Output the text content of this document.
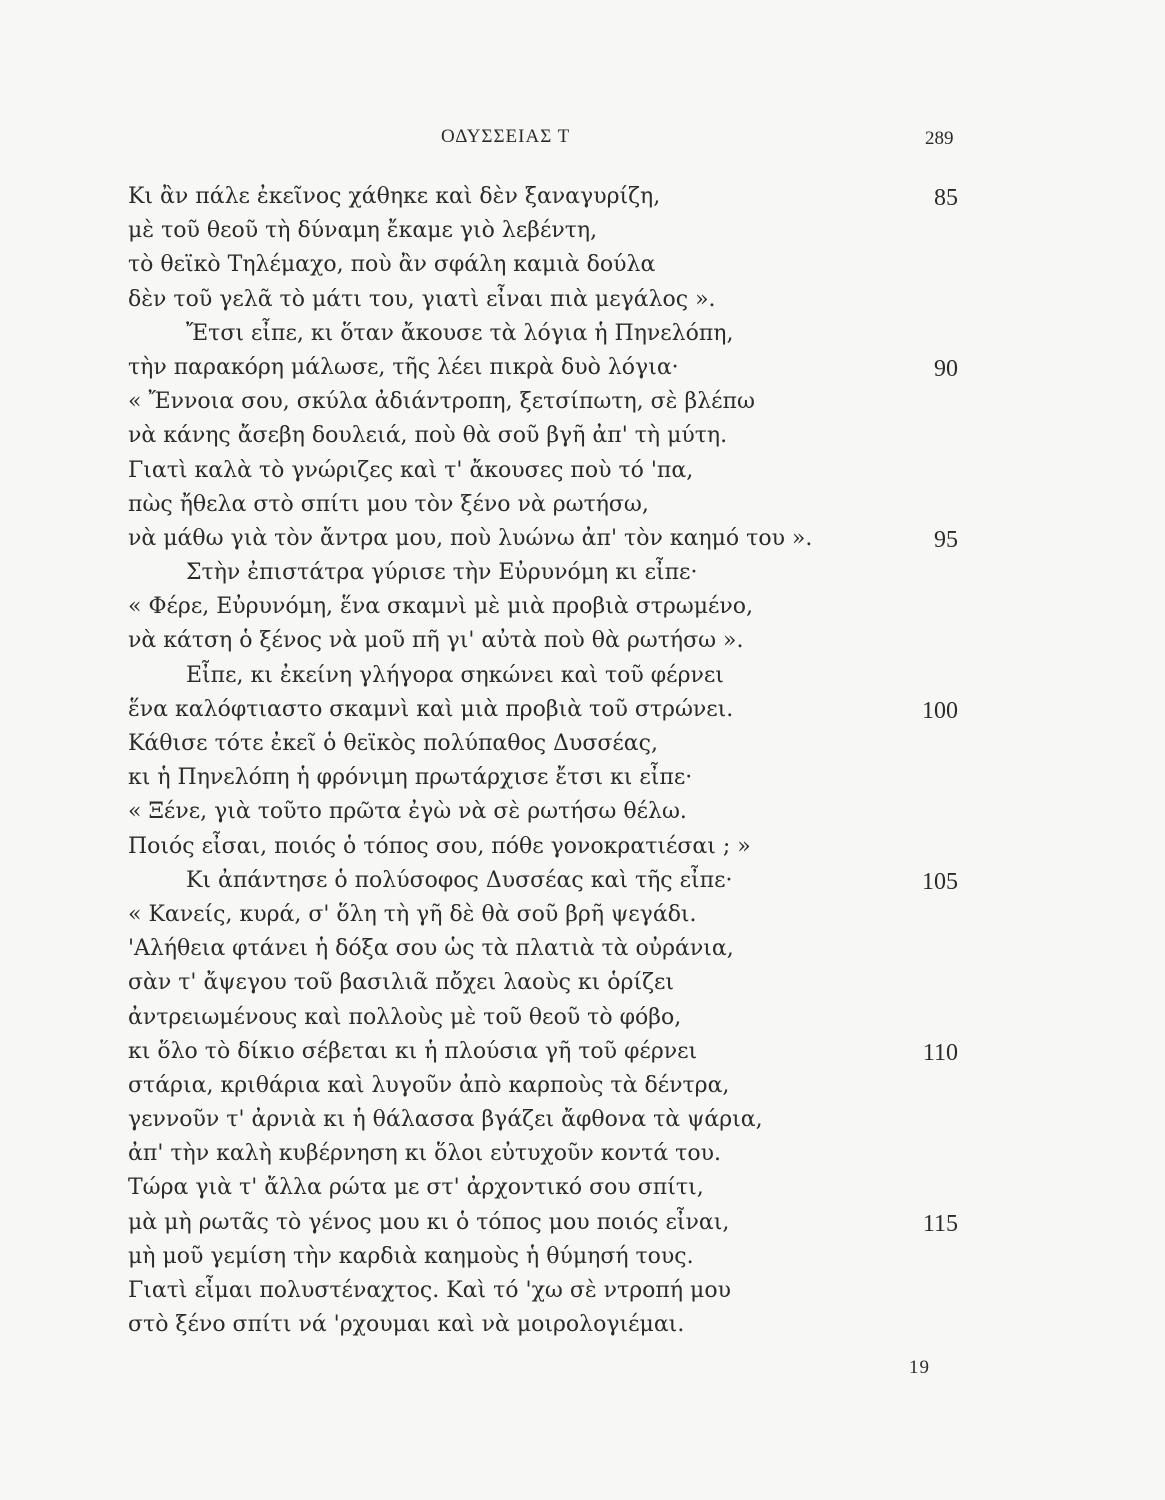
ΟΔΥΣΣΕΙΑΣ Τ	289
Κι ἂν πάλε ἐκεῖνος χάθηκε καὶ δὲν ξαναγυρίζη,	85
μὲ τοῦ θεοῦ τὴ δύναμη ἔκαμε γιὸ λεβέντη,
τὸ θεϊκὸ Τηλέμαχο, ποὺ ἂν σφάλη καμιὰ δούλα
δὲν τοῦ γελᾶ τὸ μάτι του, γιατὶ εἶναι πιὰ μεγάλος ».
Ἔτσι εἶπε, κι ὅταν ἄκουσε τὰ λόγια ἡ Πηνελόπη,
τὴν παρακόρη μάλωσε, τῆς λέει πικρὰ δυὸ λόγια·	90
« Ἔννοια σου, σκύλα ἀδιάντροπη, ξετσίπωτη, σὲ βλέπω
νὰ κάνης ἄσεβη δουλειά, ποὺ θὰ σοῦ βγῆ ἀπ' τὴ μύτη.
Γιατὶ καλὰ τὸ γνώριζες καὶ τ' ἄκουσες ποὺ τό 'πα,
πὼς ἤθελα στὸ σπίτι μου τὸν ξένο νὰ ρωτήσω,
νὰ μάθω γιὰ τὸν ἄντρα μου, ποὺ λυώνω ἀπ' τὸν καημό του ».	95
Στὴν ἐπιστάτρα γύρισε τὴν Εὐρυνόμη κι εἶπε·
« Φέρε, Εὐρυνόμη, ἕνα σκαμνὶ μὲ μιὰ προβιὰ στρωμένο,
νὰ κάτση ὁ ξένος νὰ μοῦ πῆ γι' αὐτὰ ποὺ θὰ ρωτήσω ».
Εἶπε, κι ἐκείνη γλήγορα σηκώνει καὶ τοῦ φέρνει
ἕνα καλόφτιαστο σκαμνὶ καὶ μιὰ προβιὰ τοῦ στρώνει.	100
Κάθισε τότε ἐκεῖ ὁ θεϊκὸς πολύπαθος Δυσσέας,
κι ἡ Πηνελόπη ἡ φρόνιμη πρωτάρχισε ἔτσι κι εἶπε·
« Ξένε, γιὰ τοῦτο πρῶτα ἐγὼ νὰ σὲ ρωτήσω θέλω.
Ποιός εἶσαι, ποιός ὁ τόπος σου, πόθε γονοκρατιέσαι ; »
Κι ἀπάντησε ὁ πολύσοφος Δυσσέας καὶ τῆς εἶπε·	105
« Κανείς, κυρά, σ' ὅλη τὴ γῆ δὲ θὰ σοῦ βρῆ ψεγάδι.
'Αλήθεια φτάνει ἡ δόξα σου ὡς τὰ πλατιὰ τὰ οὐράνια,
σὰν τ' ἄψεγου τοῦ βασιλιᾶ πὄχει λαοὺς κι ὁρίζει
ἀντρειωμένους καὶ πολλοὺς μὲ τοῦ θεοῦ τὸ φόβο,
κι ὅλο τὸ δίκιο σέβεται κι ἡ πλούσια γῆ τοῦ φέρνει	110
στάρια, κριθάρια καὶ λυγοῦν ἀπὸ καρποὺς τὰ δέντρα,
γεννοῦν τ' ἀρνιὰ κι ἡ θάλασσα βγάζει ἄφθονα τὰ ψάρια,
ἀπ' τὴν καλὴ κυβέρνηση κι ὅλοι εὐτυχοῦν κοντά του.
Τώρα γιὰ τ' ἄλλα ρώτα με στ' ἀρχοντικό σου σπίτι,
μὰ μὴ ρωτᾶς τὸ γένος μου κι ὁ τόπος μου ποιός εἶναι,	115
μὴ μοῦ γεμίση τὴν καρδιὰ καημοὺς ἡ θύμησή τους.
Γιατὶ εἶμαι πολυστέναχτος. Καὶ τό 'χω σὲ ντροπή μου
στὸ ξένο σπίτι νά 'ρχουμαι καὶ νὰ μοιρολογιέμαι.
19
